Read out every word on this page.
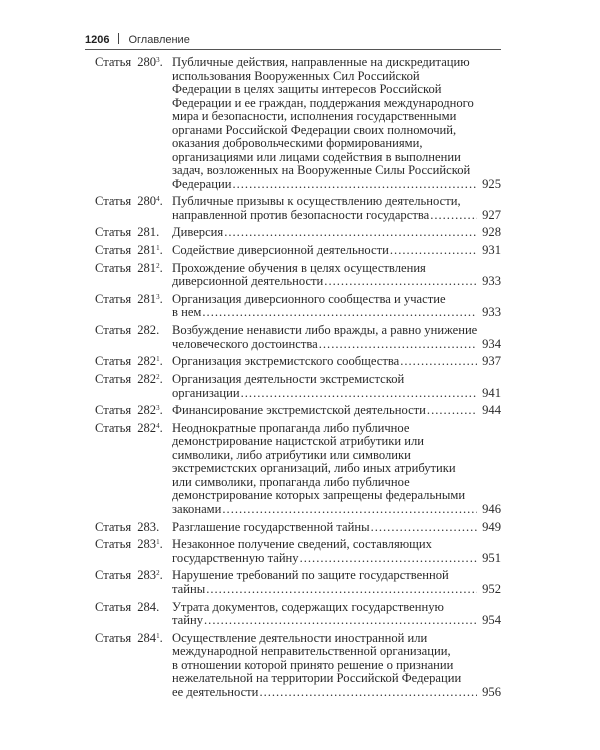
1206 Оглавление
Статья $280^3$. Публичные действия, направленные на дискредитацию
использования Вооруженных Сил Российской
Федерации в целях защиты интересов Российской
Федерации и ее граждан, поддержания международного
мира и безопасности, исполнения государственными
органами Российской Федерации своих полномочий,
оказания добровольческими формированиями,
организациями или лицами содействия в выполнении
задач, возложенных на Вооруженные Силы Российской
Федерации .....	925
Статья $280^4$. Публичные призывы к осуществлению деятельности,
направленной против безопасности государства .....	927
Статья 281.	Диверсия .....	928
Статья $281^1$. Содействие диверсионной деятельности .....	931
Статья $281^2$. Прохождение обучения в целях осуществления
диверсионной деятельности .....	933
Статья $281^3$. Организация диверсионного сообщества и участие
в нем .....	933
Статья 282.	Возбуждение ненависти либо вражды, а равно унижение
человеческого достоинства .....	934
Статья $282^1$. Организация экстремистского сообщества .....	937
Статья $282^2$. Организация деятельности экстремистской
организации .....	941
Статья $282^3$. Финансирование экстремистской деятельности .....	944
Статья $282^4$. Неоднократные пропаганда либо публичное
демонстрирование нацистской атрибутики или
символики, либо атрибутики или символики
экстремистских организаций, либо иных атрибутики
или символики, пропаганда либо публичное
демонстрирование которых запрещены федеральными
законами .....	946
Статья 283.	Разглашение государственной тайны .....	949
Статья $283^1$. Незаконное получение сведений, составляющих
государственную тайну .....	951
Статья $283^2$. Нарушение требований по защите государственной
тайны .....	952
Статья 284.	Утрата документов, содержащих государственную
тайну .....	954
Статья $284^1$. Осуществление деятельности иностранной или
международной неправительственной организации,
в отношении которой принято решение о признании
нежелательной на территории Российской Федерации
ее деятельности .....	956
